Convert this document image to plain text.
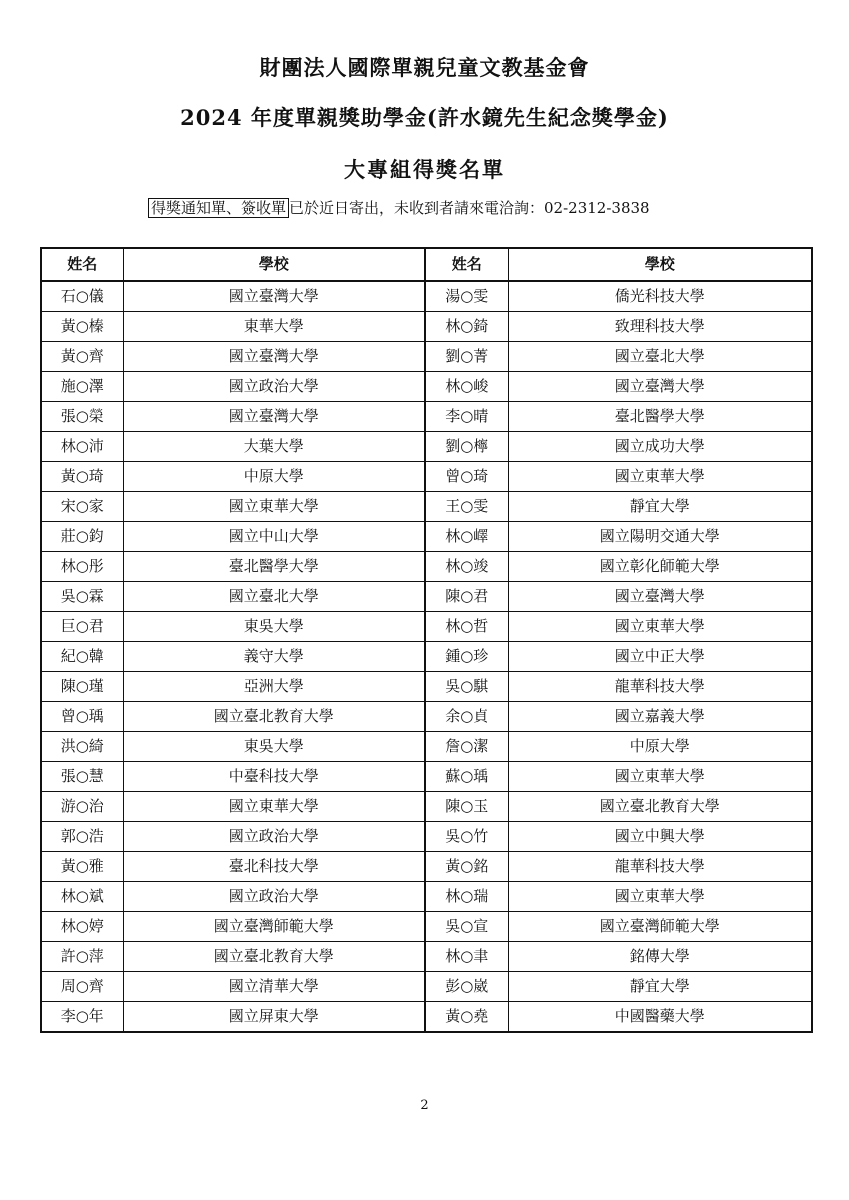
財團法人國際單親兒童文教基金會
2024 年度單親獎助學金(許水鏡先生紀念獎學金)
大專組得獎名單
得獎通知單、簽收單 已於近日寄出，未收到者請來電洽詢：02-2312-3838
姓名	學校	姓名	學校
石○儀	國立臺灣大學	湯○雯	僑光科技大學
黃○榛	東華大學	林○錡	致理科技大學
黃○齊	國立臺灣大學	劉○菁	國立臺北大學
施○澤	國立政治大學	林○峻	國立臺灣大學
張○榮	國立臺灣大學	李○晴	臺北醫學大學
林○沛	大葉大學	劉○檸	國立成功大學
黃○琦	中原大學	曾○琦	國立東華大學
宋○家	國立東華大學	王○雯	靜宜大學
莊○鈞	國立中山大學	林○嶧	國立陽明交通大學
林○彤	臺北醫學大學	林○竣	國立彰化師範大學
吳○霖	國立臺北大學	陳○君	國立臺灣大學
巨○君	東吳大學	林○哲	國立東華大學
紀○韓	義守大學	鍾○珍	國立中正大學
陳○瑾	亞洲大學	吳○騏	龍華科技大學
曾○瑀	國立臺北教育大學	余○貞	國立嘉義大學
洪○綺	東吳大學	詹○潔	中原大學
張○慧	中臺科技大學	蘇○瑀	國立東華大學
游○治	國立東華大學	陳○玉	國立臺北教育大學
郭○浩	國立政治大學	吳○竹	國立中興大學
黃○雅	臺北科技大學	黃○銘	龍華科技大學
林○斌	國立政治大學	林○瑞	國立東華大學
林○婷	國立臺灣師範大學	吳○宣	國立臺灣師範大學
許○萍	國立臺北教育大學	林○聿	銘傳大學
周○齊	國立清華大學	彭○崴	靜宜大學
李○年	國立屏東大學	黃○堯	中國醫藥大學
2
